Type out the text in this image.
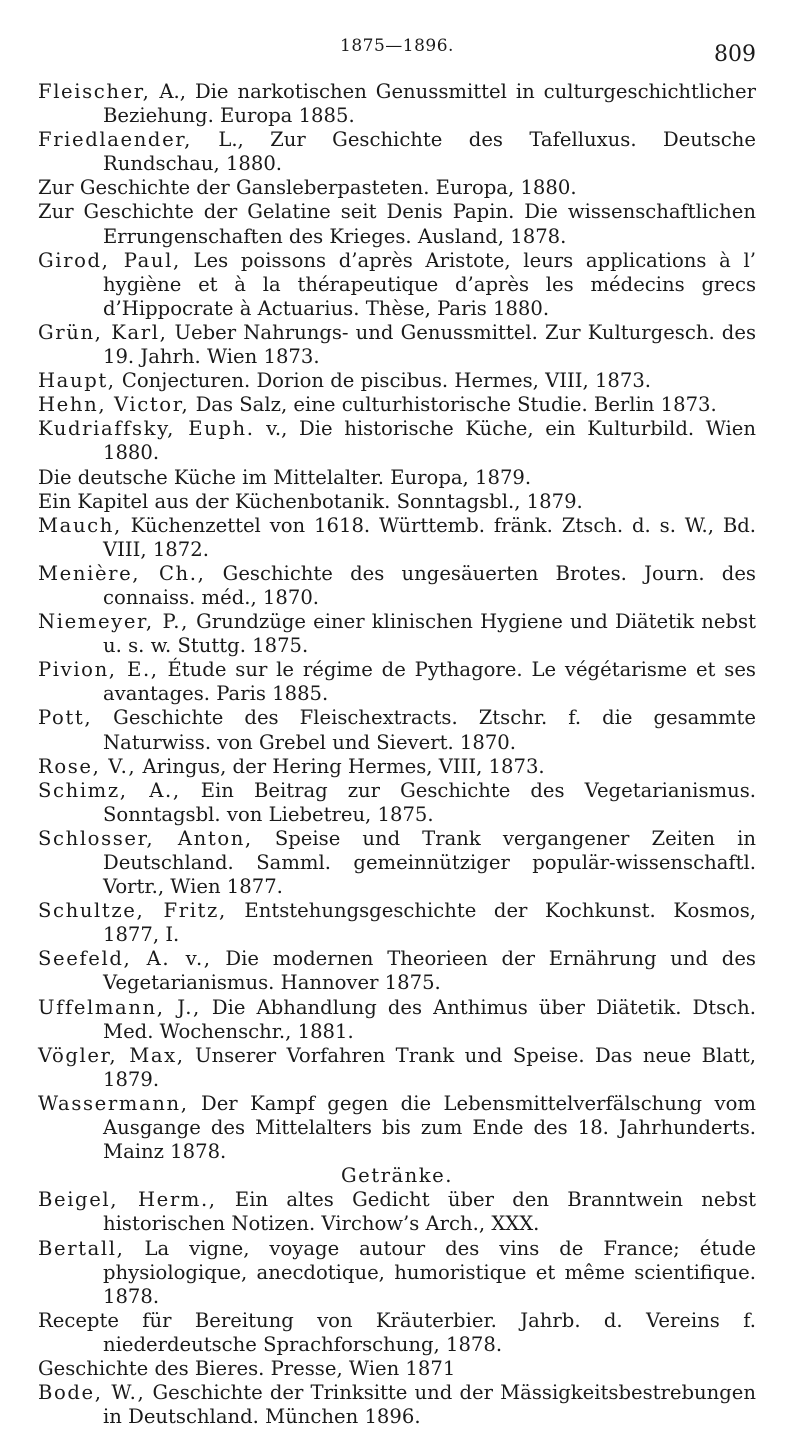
1875—1896.	809

Fleischer, A., Die narkotischen Genussmittel in culturgeschichtlicher Beziehung. Europa 1885.

Friedlaender, L., Zur Geschichte des Tafelluxus. Deutsche Rundschau, 1880.

Zur Geschichte der Gansleberpasteten. Europa, 1880.

Zur Geschichte der Gelatine seit Denis Papin. Die wissenschaftlichen Errungenschaften des Krieges. Ausland, 1878.

Girod, Paul, Les poissons d’après Aristote, leurs applications à l’ hygiène et à la thérapeutique d’après les médecins grecs d’Hippocrate à Actuarius. Thèse, Paris 1880.

Grün, Karl, Ueber Nahrungs- und Genussmittel. Zur Kulturgesch. des 19. Jahrh. Wien 1873.

Haupt, Conjecturen. Dorion de piscibus. Hermes, VIII, 1873.

Hehn, Victor, Das Salz, eine culturhistorische Studie. Berlin 1873.

Kudriaffsky, Euph. v., Die historische Küche, ein Kulturbild. Wien 1880.

Die deutsche Küche im Mittelalter. Europa, 1879.

Ein Kapitel aus der Küchenbotanik. Sonntagsbl., 1879.

Mauch, Küchenzettel von 1618. Württemb. fränk. Ztsch. d. s. W., Bd. VIII, 1872.

Menière, Ch., Geschichte des ungesäuerten Brotes. Journ. des connaiss. méd., 1870.

Niemeyer, P., Grundzüge einer klinischen Hygiene und Diätetik nebst u. s. w. Stuttg. 1875.

Pivion, E., Étude sur le régime de Pythagore. Le végétarisme et ses avantages. Paris 1885.

Pott, Geschichte des Fleischextracts. Ztschr. f. die gesammte Naturwiss. von Grebel und Sievert. 1870.

Rose, V., Aringus, der Hering Hermes, VIII, 1873.

Schimz, A., Ein Beitrag zur Geschichte des Vegetarianismus. Sonntagsbl. von Liebetreu, 1875.

Schlosser, Anton, Speise und Trank vergangener Zeiten in Deutschland. Samml. gemeinnütziger populär-wissenschaftl. Vortr., Wien 1877.

Schultze, Fritz, Entstehungsgeschichte der Kochkunst. Kosmos, 1877, I.

Seefeld, A. v., Die modernen Theorieen der Ernährung und des Vegetarianismus. Hannover 1875.

Uffelmann, J., Die Abhandlung des Anthimus über Diätetik. Dtsch. Med. Wochenschr., 1881.

Vögler, Max, Unserer Vorfahren Trank und Speise. Das neue Blatt, 1879.

Wassermann, Der Kampf gegen die Lebensmittelverfälschung vom Ausgange des Mittelalters bis zum Ende des 18. Jahrhunderts. Mainz 1878.

Getränke.

Beigel, Herm., Ein altes Gedicht über den Branntwein nebst historischen Notizen. Virchow’s Arch., XXX.

Bertall, La vigne, voyage autour des vins de France; étude physiologique, anecdotique, humoristique et même scientifique. 1878.

Recepte für Bereitung von Kräuterbier. Jahrb. d. Vereins f. niederdeutsche Sprachforschung, 1878.

Geschichte des Bieres. Presse, Wien 1871

Bode, W., Geschichte der Trinksitte und der Mässigkeitsbestrebungen in Deutschland. München 1896.
